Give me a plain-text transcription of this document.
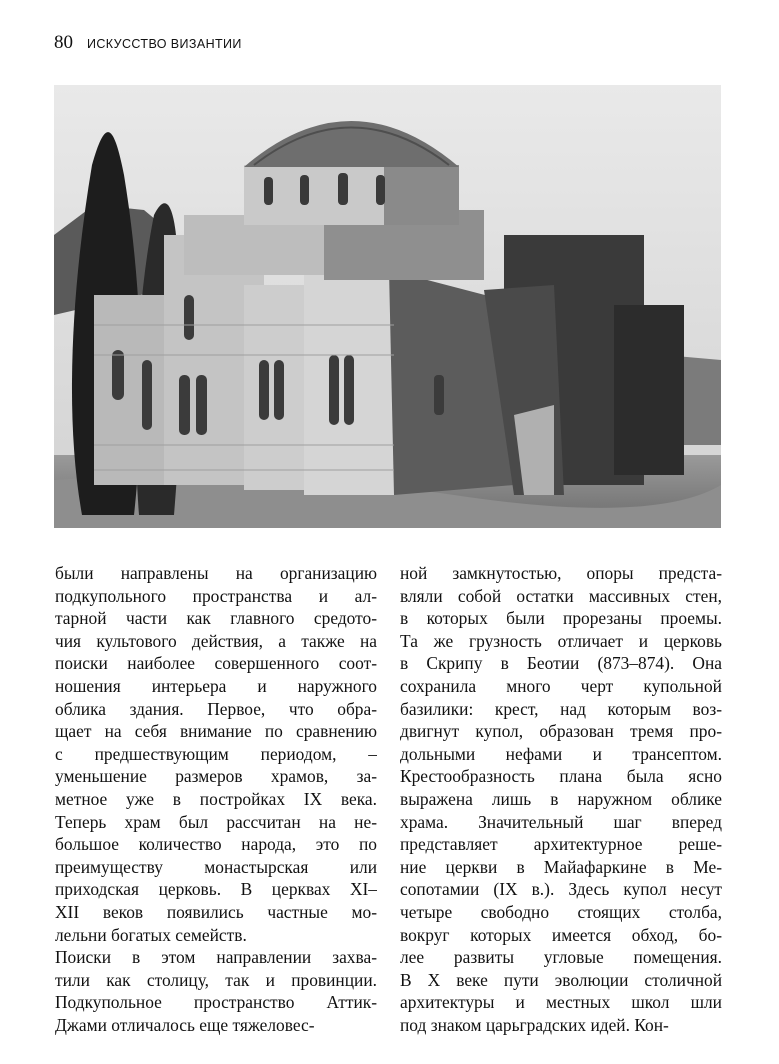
80 ИСКУССТВО ВИЗАНТИИ
были направлены на организацию
подкупольного пространства и ал-
тарной части как главного средото-
чия культового действия, а также на
поиски наиболее совершенного соот-
ношения интерьера и наружного
облика здания. Первое, что обра-
щает на себя внимание по сравнению
с предшествующим периодом, –
уменьшение размеров храмов, за-
метное уже в постройках IX века.
Теперь храм был рассчитан на не-
большое количество народа, это по
преимуществу монастырская или
приходская церковь. В церквах XI–
XII веков появились частные мо-
лельни богатых семейств.
Поиски в этом направлении захва-
тили как столицу, так и провинции.
Подкупольное пространство Аттик-
Джами отличалось еще тяжеловес-
ной замкнутостью, опоры предста-
вляли собой остатки массивных стен,
в которых были прорезаны проемы.
Та же грузность отличает и церковь
в Скрипу в Беотии (873–874). Она
сохранила много черт купольной
базилики: крест, над которым воз-
двигнут купол, образован тремя про-
дольными нефами и трансептом.
Крестообразность плана была ясно
выражена лишь в наружном облике
храма. Значительный шаг вперед
представляет архитектурное реше-
ние церкви в Майафаркине в Ме-
сопотамии (IX в.). Здесь купол несут
четыре свободно стоящих столба,
вокруг которых имеется обход, бо-
лее развиты угловые помещения.
В X веке пути эволюции столичной
архитектуры и местных школ шли
под знаком царьградских идей. Кон-
